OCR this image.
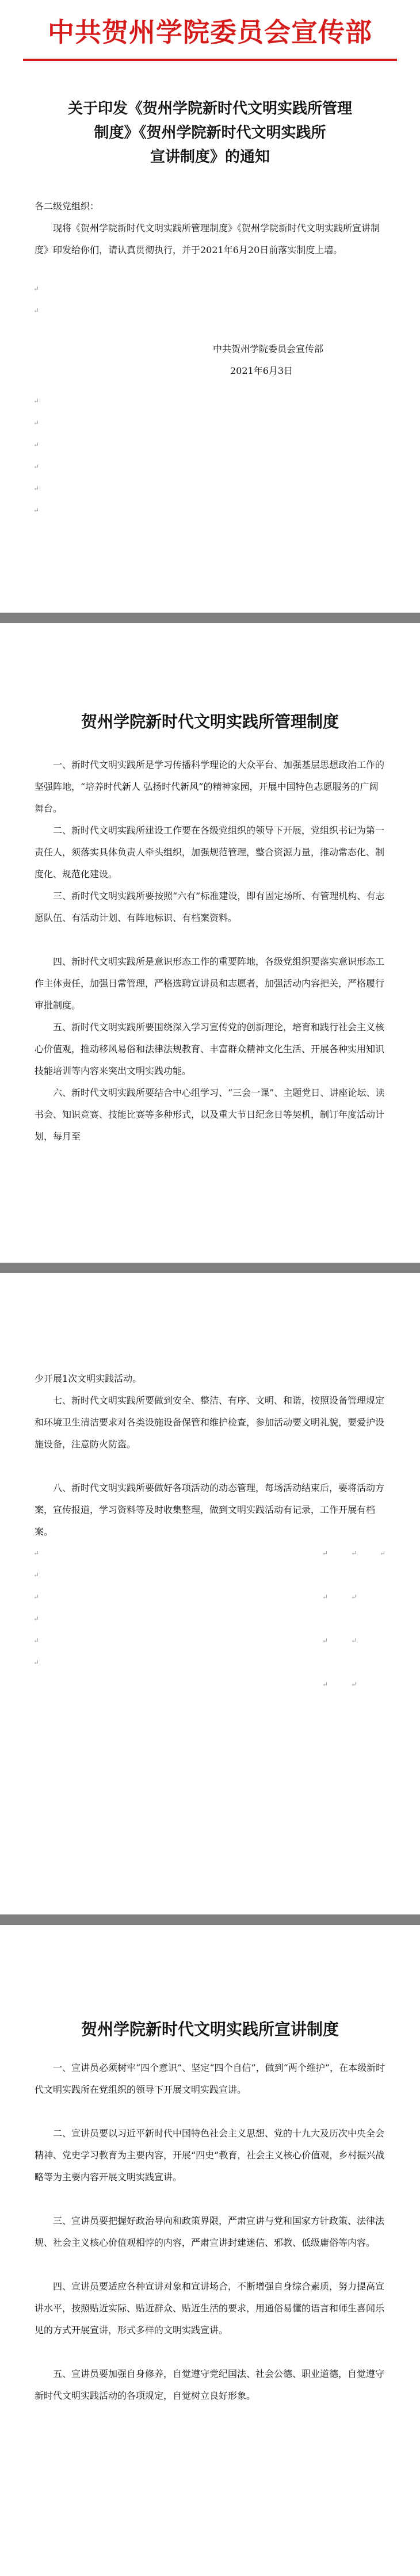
中共贺州学院委员会宣传部
关于印发《贺州学院新时代文明实践所管理
制度》《贺州学院新时代文明实践所
宣讲制度》的通知

各二级党组织：

现将《贺州学院新时代文明实践所管理制度》《贺州学院新时代文明实践所宣讲制度》印发给你们，请认真贯彻执行，并于2021年6月20日前落实制度上墙。

↵
↵
中共贺州学院委员会宣传部
2021年6月3日
↵
↵
↵
↵
↵
↵
贺州学院新时代文明实践所管理制度

一、新时代文明实践所是学习传播科学理论的大众平台、加强基层思想政治工作的坚强阵地，“培养时代新人 弘扬时代新风”的精神家园，开展中国特色志愿服务的广阔舞台。

二、新时代文明实践所建设工作要在各级党组织的领导下开展，党组织书记为第一责任人，须落实具体负责人牵头组织，加强规范管理，整合资源力量，推动常态化、制度化、规范化建设。

三、新时代文明实践所要按照“六有”标准建设，即有固定场所、有管理机构、有志愿队伍、有活动计划、有阵地标识、有档案资料。

四、新时代文明实践所是意识形态工作的重要阵地，各级党组织要落实意识形态工作主体责任，加强日常管理，严格选聘宣讲员和志愿者，加强活动内容把关，严格履行审批制度。

五、新时代文明实践所要围绕深入学习宣传党的创新理论，培育和践行社会主义核心价值观，推动移风易俗和法律法规教育、丰富群众精神文化生活、开展各种实用知识技能培训等内容来突出文明实践功能。

六、新时代文明实践所要结合中心组学习、“三会一课”、主题党日、讲座论坛、读书会、知识竞赛、技能比赛等多种形式，以及重大节日纪念日等契机，制订年度活动计划，每月至

少开展1次文明实践活动。

七、新时代文明实践所要做到安全、整洁、有序、文明、和谐，按照设备管理规定和环境卫生清洁要求对各类设施设备保管和维护检查，参加活动要文明礼貌，要爱护设施设备，注意防火防盗。

八、新时代文明实践所要做好各项活动的动态管理，每场活动结束后，要将活动方案，宣传报道，学习资料等及时收集整理，做到文明实践活动有记录，工作开展有档案。

↵
↵
↵
↵
↵
↵
↵	↵	↵
↵	↵
↵	↵
↵	↵
贺州学院新时代文明实践所宣讲制度

一、宣讲员必须树牢“四个意识”、坚定“四个自信”，做到“两个维护”，在本级新时代文明实践所在党组织的领导下开展文明实践宣讲。

二、宣讲员要以习近平新时代中国特色社会主义思想、党的十九大及历次中央全会精神、党史学习教育为主要内容，开展“四史”教育，社会主义核心价值观，乡村振兴战略等为主要内容开展文明实践宣讲。

三、宣讲员要把握好政治导向和政策界限，严肃宣讲与党和国家方针政策、法律法规、社会主义核心价值观相悖的内容，严肃宣讲封建迷信、邪教、低级庸俗等内容。

四、宣讲员要适应各种宣讲对象和宣讲场合，不断增强自身综合素质，努力提高宣讲水平，按照贴近实际、贴近群众、贴近生活的要求，用通俗易懂的语言和师生喜闻乐见的方式开展宣讲，形式多样的文明实践宣讲。

五、宣讲员要加强自身修养，自觉遵守党纪国法、社会公德、职业道德，自觉遵守新时代文明实践活动的各项规定，自觉树立良好形象。
